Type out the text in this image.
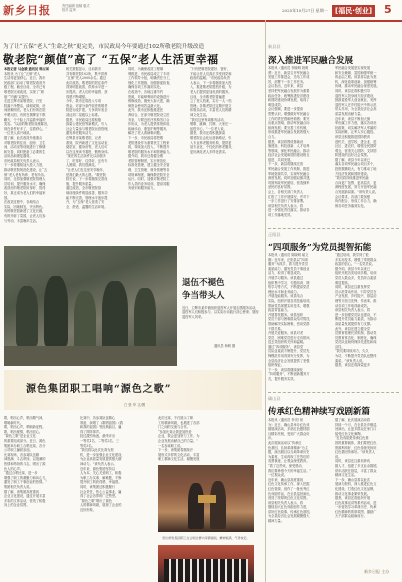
新乡日报	责任编辑 组稿 版式
校对 监审	2025年10月27日 星期一	[福民·创业] 5
为了让“五保”老人“生命之秋”更完美，市民政局今年要通过102所敬老院升级改造
敬老院“颜值”高了 “五保”老人生活更幸福
本报记者 马金娥 通讯员 韩占国
本报讯 为了让“五保”老人
生活得更加舒心，近日，我市
民政部门启动了敬老院改造升
级工程。截至目前，全市已有
敬老院完成改造，实现了“颜
值”“内涵”双提升。
走进卫辉市某敬老院，只见
院落干净整洁，绿树成荫，房
间宽敞明亮。老人们有的在院
中晒太阳，有的在棋牌室下棋
聊天，个个脸上洋溢着幸福的
笑容。“以前的敬老院设施陈旧，
现在条件好多了，住着舒心。”
一位老人高兴地说。
据了解，此次改造升级重点
对敬老院的住房、厨房、卫生
间、活动室等设施进行了修缮
和完善，同时配备了必要的生
活用品和康复器材。
市民政局相关负责人表示，
下一步将继续加大投入力度，
推动敬老院规范化建设，让“五
保”老人老有所养、老有所乐。
同时，还将加强敬老院管理人
员培训，提升服务水平，确保
改造后的敬老院用得好、管得
好，真正成为老人们的幸福家
园。
在改造过程中，各地结合
实际，因地制宜，突出特色。
有的敬老院新建了文化长廊，
有的开辟了菜园，让老人们参
与劳动，丰富晚年生活。
相关数据显示，目前我市
共有敬老院102所，集中供养
“五保”老人2000余名。通过
此次改造，敬老院的居住条件
得到明显改善，供养水平进一
步提高，老人们的幸福感、获
得感不断增强。
今年，我市还将投入专项
资金，对部分条件较差的敬老
院进行改扩建，力争到年底全
部达到二星级以上标准。
据悉，市民政局还将积极
探索公建民营等新模式，引入
社会力量参与敬老院运营管理，
激发养老服务活力。
在辉县市某敬老院，记者
看到，院内新建了文化活动室、
阅览室、健身房等，老人们可
以在这里读书看报、锻炼身体。
“现在的生活条件比以前强多
了，吃得好、住得好，还有专
人照顾，我们很满足。”
“让老人们在这里安享晚年，
是我们最大的心愿。”敬老院
院长说，下一步将继续完善设
施，提升服务质量。
通过改造，全市敬老院基
础设施条件明显改善，服务功
能不断完善，管理水平逐步提
升，为“五保”老人营造了安
全、舒适、温馨的生活环境。
同时，为确保改造工程顺
利推进，市民政局成立了专项
工作领导小组，明确责任分工，
细化工作措施，加强督促检查，
确保各项工作落到实处。
在改造中，各地注重节约
资源，对能够利用的设施进行
维修改造，避免大拆大建，确
保资金使用效益最大化。
此外，我市还积极推进医
养结合，在部分敬老院设立医
务室，与附近医疗机构签订合
作协议，为老人提供常规体检、
疾病诊治、康复护理等服务，
解决了老人看病难问题。
下一步，市民政局将把敬
老院建设作为重要民生工程来
抓，持续加大投入，不断提升
敬老院的服务水平和管理能力。
据介绍，我市还将健全敬
老院管理制度，实行规范化、
标准化管理，建立健全安全管
理、卫生管理、财务管理等各
项规章制度，确保敬老院安全
运行。同时，加强对敬老院工
作人员的业务培训，提高其服
务意识和服务能力。
“只有把敬老院建好、管好，
才能让老人们真正享受到党和
政府的温暖。”市民政局负责
人表示，下一步将继续加大投
入，推进敬老院提档升级，为
老人们提供更加优质的服务。
目前，全市敬老院普遍建
立了老人档案，实行一人一档
管理。各敬老院还定期开展文
体娱乐活动，丰富老人们的精
神文化生活。
“我们这里每周都有活动，
唱歌、跳舞、打牌，大家在一
起很开心。”一位老人说。
据悉，我市还将积极探索
敬老院社会化运营新路径，引
入专业养老服务机构，提供更
加专业化、个性化的养老服务，
更好满足老人多样化需求。
退伍不褪色
争当带头人
近日，卫辉市某乡镇组织退役军人开展志愿服务活动，退役军人们积极参与，以实际行动践行初心使命，展现退役军人风采。
通讯员 杨明 摄
源色集团职工唱响“源色之歌”
□ 张 华 文/图
歌，唱出心声，唱出精气神，
唱响新时代。
歌，唱出心声，唱响新征程。
歌，唱出豪情，唱出信心。
“源色之歌”是企业文化
的重要组成部分。近日，源色
集团举办职工合唱比赛，各分
公司职工踊跃参加。
比赛现场，各参赛队伍精
神饱满、斗志昂扬，以饱满的
热情和昂扬的斗志，唱出了源
色人的心声。
“通过合唱比赛，进一步
增强了职工的凝聚力和向心力，
激发了职工干事创业的热情。”
集团相关负责人说。
据了解，该集团高度重视
企业文化建设，通过开展丰富
多彩的文体活动，营造了积极
向上的企业氛围。
比赛中，各参赛队伍精心
准备，演唱了《歌唱祖国》《我
和我的祖国》等经典曲目，赢
得了阵阵掌声。
经过激烈角逐，最终评出
一等奖1名、二等奖2名、三
等奖3名。
“我们将以此次比赛为契
机，进一步加强企业文化建设，
为企业高质量发展提供强大精
神动力。”该负责人表示。
近年来，源色集团坚持以
人为本，关心关爱职工，积极
为职工办实事、解难题，不断
提升职工的获得感、幸福感。
同时，该集团还积极履行
社会责任，热心公益事业，赢
得了社会各界的广泛赞誉。
“源色之歌”唱出了源色
人的精神风貌，展现了企业的
良好形象。
此次比赛，不仅展示了职
工的精神风貌，也增进了各部
门之间的交流与合作。
“参加比赛让我更加热爱
企业，我会更加努力工作，为
企业发展贡献自己的力量。”
一名参赛职工说。
下一步，该集团将继续开
展形式多样的文化活动，丰富
职工精神文化生活，凝聚发展
图为源色集团职工在合唱比赛中深情演唱，精神饱满，气势恢宏。
新县县
深入推进军民融合发展
本报讯（通讯员 李晓明 段明
勇）近日，新县召开军民融合
发展工作推进会，总结工作成
效，部署下一步工作任务。
会议指出，近年来，该县
坚持把军民融合发展作为重要
政治任务，统筹推进经济建设
和国防建设协调发展，取得了
明显成效。
会议强调，要进一步提高
思想认识，增强做好军民融合
工作的责任感和使命感；要突
出重点领域，推动军民融合向
纵深发展；要完善工作机制，
形成推进军民融合发展的强大
合力。
据悉，该县将围绕基础设
施建设、科技创新、人才培养
等领域，深化军民融合，推动
经济社会发展和国防建设相互
促进、共同发展。
下一步，新县将继续完善
军民融合发展工作机制，推进
军地资源共享，实现军民融合
深度发展。同时加强双拥共建，
巩固军政军民团结，营造拥军
爱民的良好氛围。
会上，各相关部门负责人
汇报了工作开展情况，并对下
一步工作进行了安排部署。
该县相关负责人表示，将
进一步强化责任落实，推动各
项工作落地见效。
军民融合发展是实现发展
和安全兼顾、富国和强军统一
的必由之路。该县将以此为契
机，深化改革创新，加强统筹
协调，推动军民融合深度发展。
同时，该县还将积极引导
退役军人投身地方经济建设，
鼓励退役军人创业就业，发挥
退役军人在乡村振兴中的示范
带头作用，为全县经济社会高
质量发展贡献力量。
近年来，该县不断加大拥
军优属工作力度，落实各项优
抚政策，切实解决军人军属的
实际困难，让军人安心服役。
该县还积极推进国防教育
进机关、进学校、进企业、进
社区、进农村，增强全民国防
观念，营造关心国防、支持国
防建设的良好社会氛围。
据了解，该县今年以来已
落实各项军民融合项目多个，
投资数额较大，有力推动了地
方经济发展和国防建设。
“我们将持续推进军民融
合向更广范围、更高层次、更
深程度发展，努力开创军民融
合发展新局面。”该负责人说。
会议要求，各部门要加强
协作配合，形成工作合力，确
保各项任务落到实处。
正阳县
“四项服务”为党员提智拓能
本报讯（通讯员 陈晓明 郝文
刚）近年来，正阳县以“四项
服务”为抓手，着力提升党员
素质能力，激发党员干事创业
活力，取得了明显成效。
开展学习服务。该县通过
组织集中学习、专题培训、网
络学习等方式，不断提高党员
理论水平和业务能力。
开展技能服务。该县结合
实际，组织开展各类技能培训，
帮助党员掌握实用技术，增强
致富带富能力。
开展帮扶服务。该县组织
党员干部与困难群众结对帮扶，
帮助解决实际困难，密切党群
干群关系。
开展关爱服务。该县对老
党员、困难党员进行走访慰问，
送去党组织的关怀和温暖。
通过“四项服务”，该县党
员队伍素质不断提升，党员先
锋模范作用得到充分发挥，为
全县经济社会发展提供了坚强
组织保证。
下一步，该县将继续深化
“四项服务”，不断创新服务方
式，提升服务实效。
“通过培训，我学到了很
多实用技术，增强了带领群众
致富的信心。”一名党员说。
据介绍，该县今年以来已
组织开展各类培训多期，培训
党员人数众多，党员综合素质
明显提高。
同时，该县还注重发挥党
员示范带动作用，引导党员在
产业发展、乡村振兴、基层治
理等方面当先锋、作表率，推
动各项工作取得新成效。
该县相关负责人表示，将
进一步加强党员队伍建设，不
断提升党员能力素质，为推动
高质量发展提供有力支撑。
此外，该县还建立健全党
员教育管理长效机制，推动党
员教育常态化、制度化，确保
党员队伍始终保持先进性和纯
洁性。
“我们要持续用力，久久
为功，不断提升党员队伍整体
素质。”该负责人说。
据悉，该县还将探索更多
确山县
传承红色精神续写戏剧新篇
本报讯（通讯员 李 阳 何
为）近日，确山县举办红色戏
剧展演活动，多部红色题材剧
目精彩亮相，受到广大群众好
评。
此次展演活动以“传承红
色基因，弘扬革命精神”为主
题，演出剧目以当地革命历史
为素材，生动再现了先烈们的
英勇事迹，让观众深受教育。
“看了这些戏，深受感动，
我们要珍惜今天的幸福生活。”
一位观众说。
近年来，确山县高度重视
红色文化传承工作，深入挖掘
红色资源，创作了一批优秀红
色戏剧作品，在全县巡回演出，
营造了浓厚的红色文化氛围。
该县相关负责人表示，将
继续加大红色戏剧创作力度，
讲好红色故事，传承红色基因，
为全县经济社会发展凝聚强大
精神力量。
据了解，此次展演活动将
持续一个月，在全县各乡镇巡
回演出，让更多群众在家门口
接受红色文化熏陶。
“红色戏剧是传承红色基
因的重要载体，我们要把红色
资源利用好、红色传统发扬好、
红色基因传承好。”该负责人
说。
同时，该县还注重培养戏
剧人才，组建了多支业余剧团，
常年活跃在基层，丰富了群众
精神文化生活。
下一步，确山县将以此次
展演为契机，深入推进红色文
化建设，打造红色文化品牌，
推动文化事业繁荣发展。
据悉，该县还将组织开展
红色故事宣讲等系列活动，进
一步营造学习革命历史、传承
红色精神的浓厚氛围，激励广
大干部群众砥砺前行。
新乡日报 主办
